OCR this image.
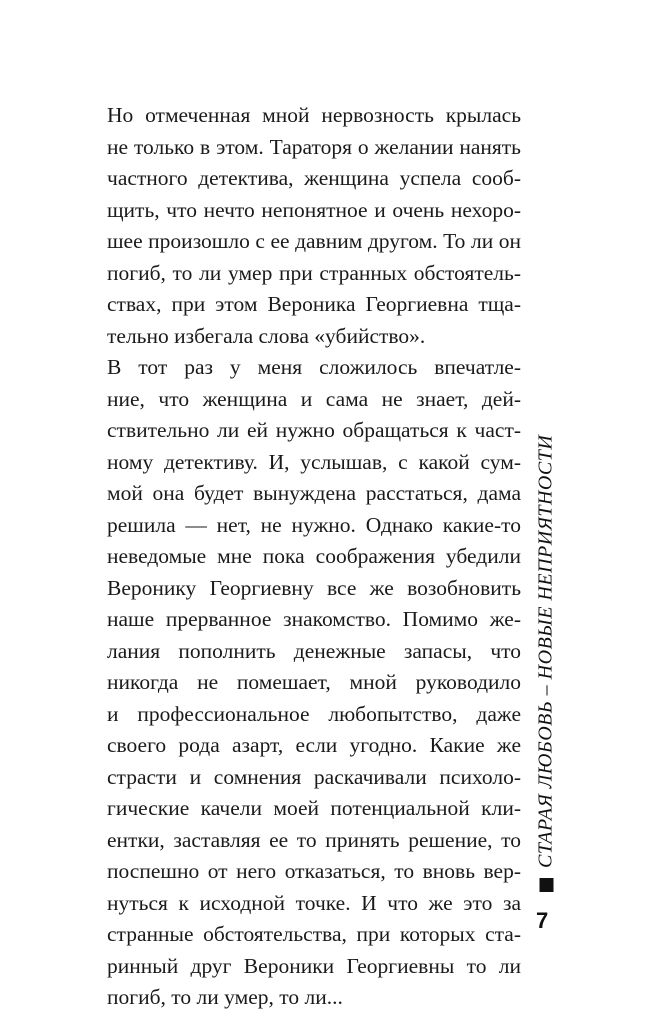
Но отмеченная мной нервозность крылась
не только в этом. Тараторя о желании нанять
частного детектива, женщина успела сооб-
щить, что нечто непонятное и очень нехоро-
шее произошло с ее давним другом. То ли он
погиб, то ли умер при странных обстоятель-
ствах, при этом Вероника Георгиевна тща-
тельно избегала слова «убийство».
В тот раз у меня сложилось впечатле-
ние, что женщина и сама не знает, дей-
ствительно ли ей нужно обращаться к част-
ному детективу. И, услышав, с какой сум-
мой она будет вынуждена расстаться, дама
решила — нет, не нужно. Однако какие-то
неведомые мне пока соображения убедили
Веронику Георгиевну все же возобновить
наше прерванное знакомство. Помимо же-
лания пополнить денежные запасы, что
никогда не помешает, мной руководило
и профессиональное любопытство, даже
своего рода азарт, если угодно. Какие же
страсти и сомнения раскачивали психоло-
гические качели моей потенциальной кли-
ентки, заставляя ее то принять решение, то
поспешно от него отказаться, то вновь вер-
нуться к исходной точке. И что же это за
странные обстоятельства, при которых ста-
ринный друг Вероники Георгиевны то ли
погиб, то ли умер, то ли...
СТАРАЯ ЛЮБОВЬ – НОВЫЕ НЕПРИЯТНОСТИ
7
